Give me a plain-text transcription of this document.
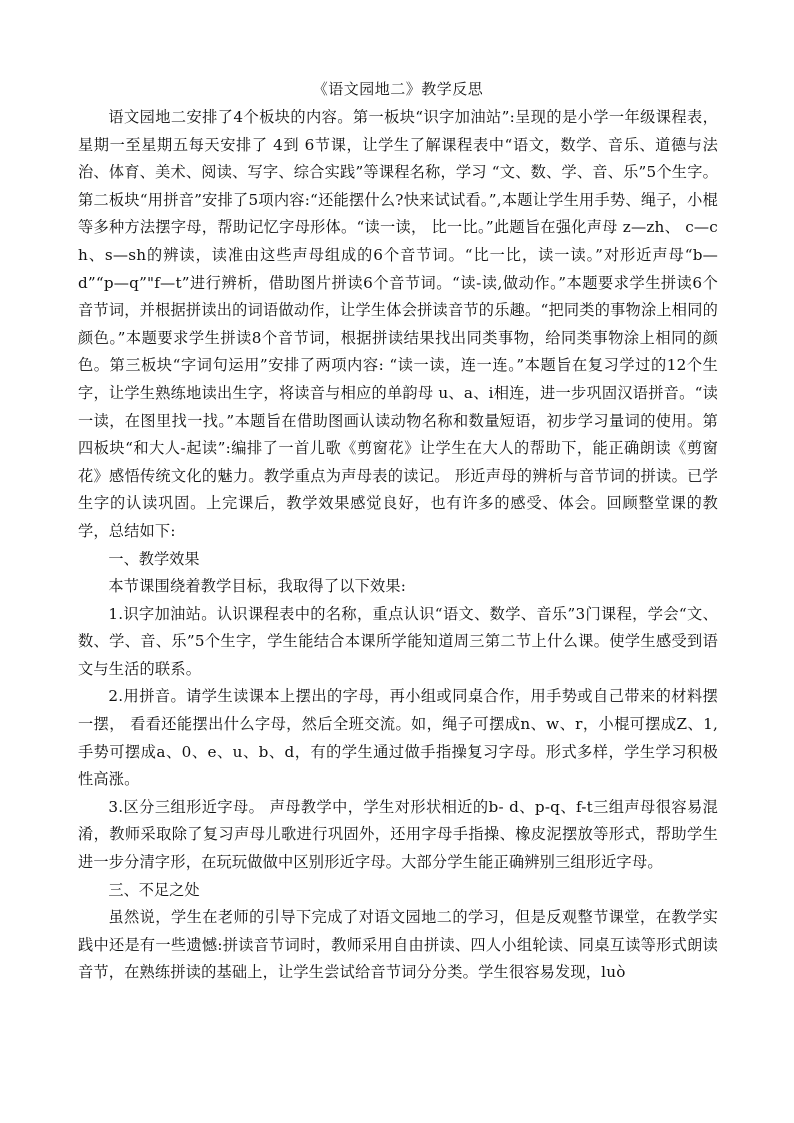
《语文园地二》教学反思

语文园地二安排了4个板块的内容。第一板块“识字加油站”:呈现的是小学一年级课程表， 星期一至星期五每天安排了 4到 6节课，让学生了解课程表中“语文，数学、音乐、道德与法治、体育、美术、阅读、写字、综合实践”等课程名称，学习 “文、数、学、音、乐”5个生字。第二板块“用拼音”安排了5项内容:“还能摆什么?快来试试看。”,本题让学生用手势、绳子，小棍等多种方法摆字母，帮助记忆字母形体。“读一读， 比一比。”此题旨在强化声母 z—zh、 c—ch、s—sh的辨读，读准由这些声母组成的6个音节词。“比一比，读一读。”对形近声母“b—d”“p—q”"f—t”进行辨析，借助图片拼读6个音节词。“读-读,做动作。”本题要求学生拼读6个音节词，并根据拼读出的词语做动作，让学生体会拼读音节的乐趣。“把同类的事物涂上相同的颜色。”本题要求学生拼读8个音节词，根据拼读结果找出同类事物，给同类事物涂上相同的颜色。第三板块“字词句运用”安排了两项内容: “读一读，连一连。”本题旨在复习学过的12个生字，让学生熟练地读出生字，将读音与相应的单韵母 u、a、i相连，进一步巩固汉语拼音。“读一读，在图里找一找。”本题旨在借助图画认读动物名称和数量短语，初步学习量词的使用。第四板块“和大人-起读”:编排了一首儿歌《剪窗花》让学生在大人的帮助下，能正确朗读《剪窗花》感悟传统文化的魅力。教学重点为声母表的读记。 形近声母的辨析与音节词的拼读。已学生字的认读巩固。上完课后，教学效果感觉良好，也有许多的感受、体会。回顾整堂课的教学，总结如下:

一、教学效果

本节课围绕着教学目标，我取得了以下效果:

1.识字加油站。认识课程表中的名称，重点认识“语文、数学、音乐”3门课程，学会“文、数、学、音、乐”5个生字，学生能结合本课所学能知道周三第二节上什么课。使学生感受到语文与生活的联系。

2.用拼音。请学生读课本上摆出的字母，再小组或同桌合作，用手势或自己带来的材料摆一摆， 看看还能摆出什么字母，然后全班交流。如，绳子可摆成n、w、r，小棍可摆成Z、1,手势可摆成a、0、e、u、b、d，有的学生通过做手指操复习字母。形式多样，学生学习积极性高涨。

3.区分三组形近字母。 声母教学中，学生对形状相近的b- d、p-q、f-t三组声母很容易混淆，教师采取除了复习声母儿歌进行巩固外，还用字母手指操、橡皮泥摆放等形式，帮助学生进一步分清字形，在玩玩做做中区别形近字母。大部分学生能正确辨别三组形近字母。

三、不足之处

虽然说，学生在老师的引导下完成了对语文园地二的学习，但是反观整节课堂，在教学实践中还是有一些遗憾:拼读音节词时，教师采用自由拼读、四人小组轮读、同桌互读等形式朗读音节，在熟练拼读的基础上，让学生尝试给音节词分分类。学生很容易发现，luò
